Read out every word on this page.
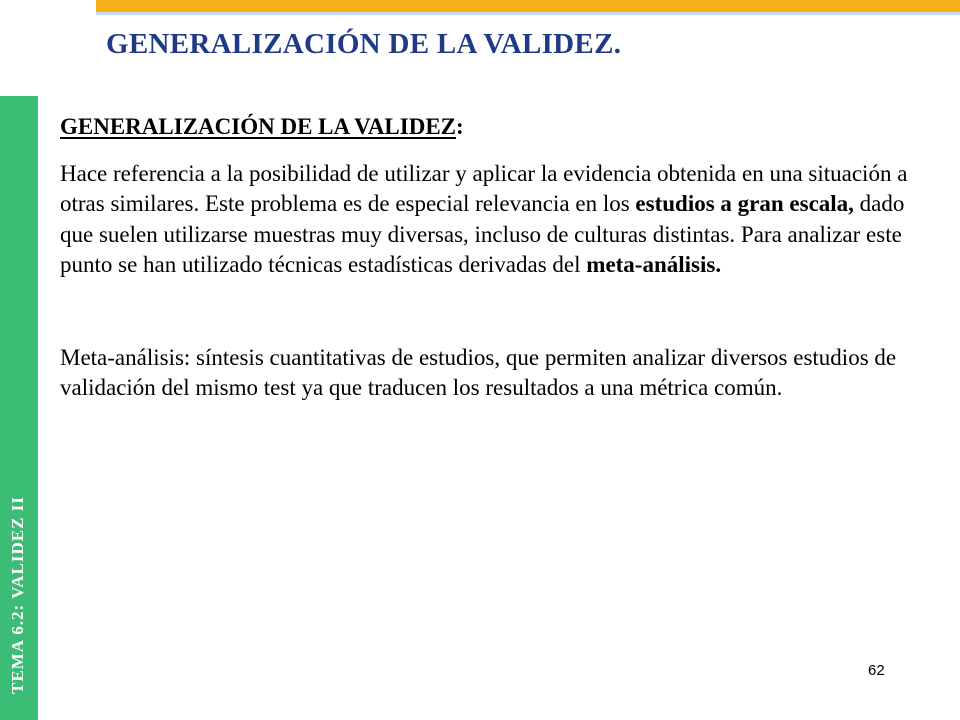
GENERALIZACIÓN DE LA VALIDEZ.
TEMA 6.2: VALIDEZ II
GENERALIZACIÓN DE LA VALIDEZ:

Hace referencia a la posibilidad de utilizar y aplicar la evidencia obtenida en una situación a otras similares. Este problema es de especial relevancia en los estudios a gran escala, dado que suelen utilizarse muestras muy diversas, incluso de culturas distintas. Para analizar este punto se han utilizado técnicas estadísticas derivadas del meta-análisis.

Meta-análisis: síntesis cuantitativas de estudios, que permiten analizar diversos estudios de validación del mismo test ya que traducen los resultados a una métrica común.

62
